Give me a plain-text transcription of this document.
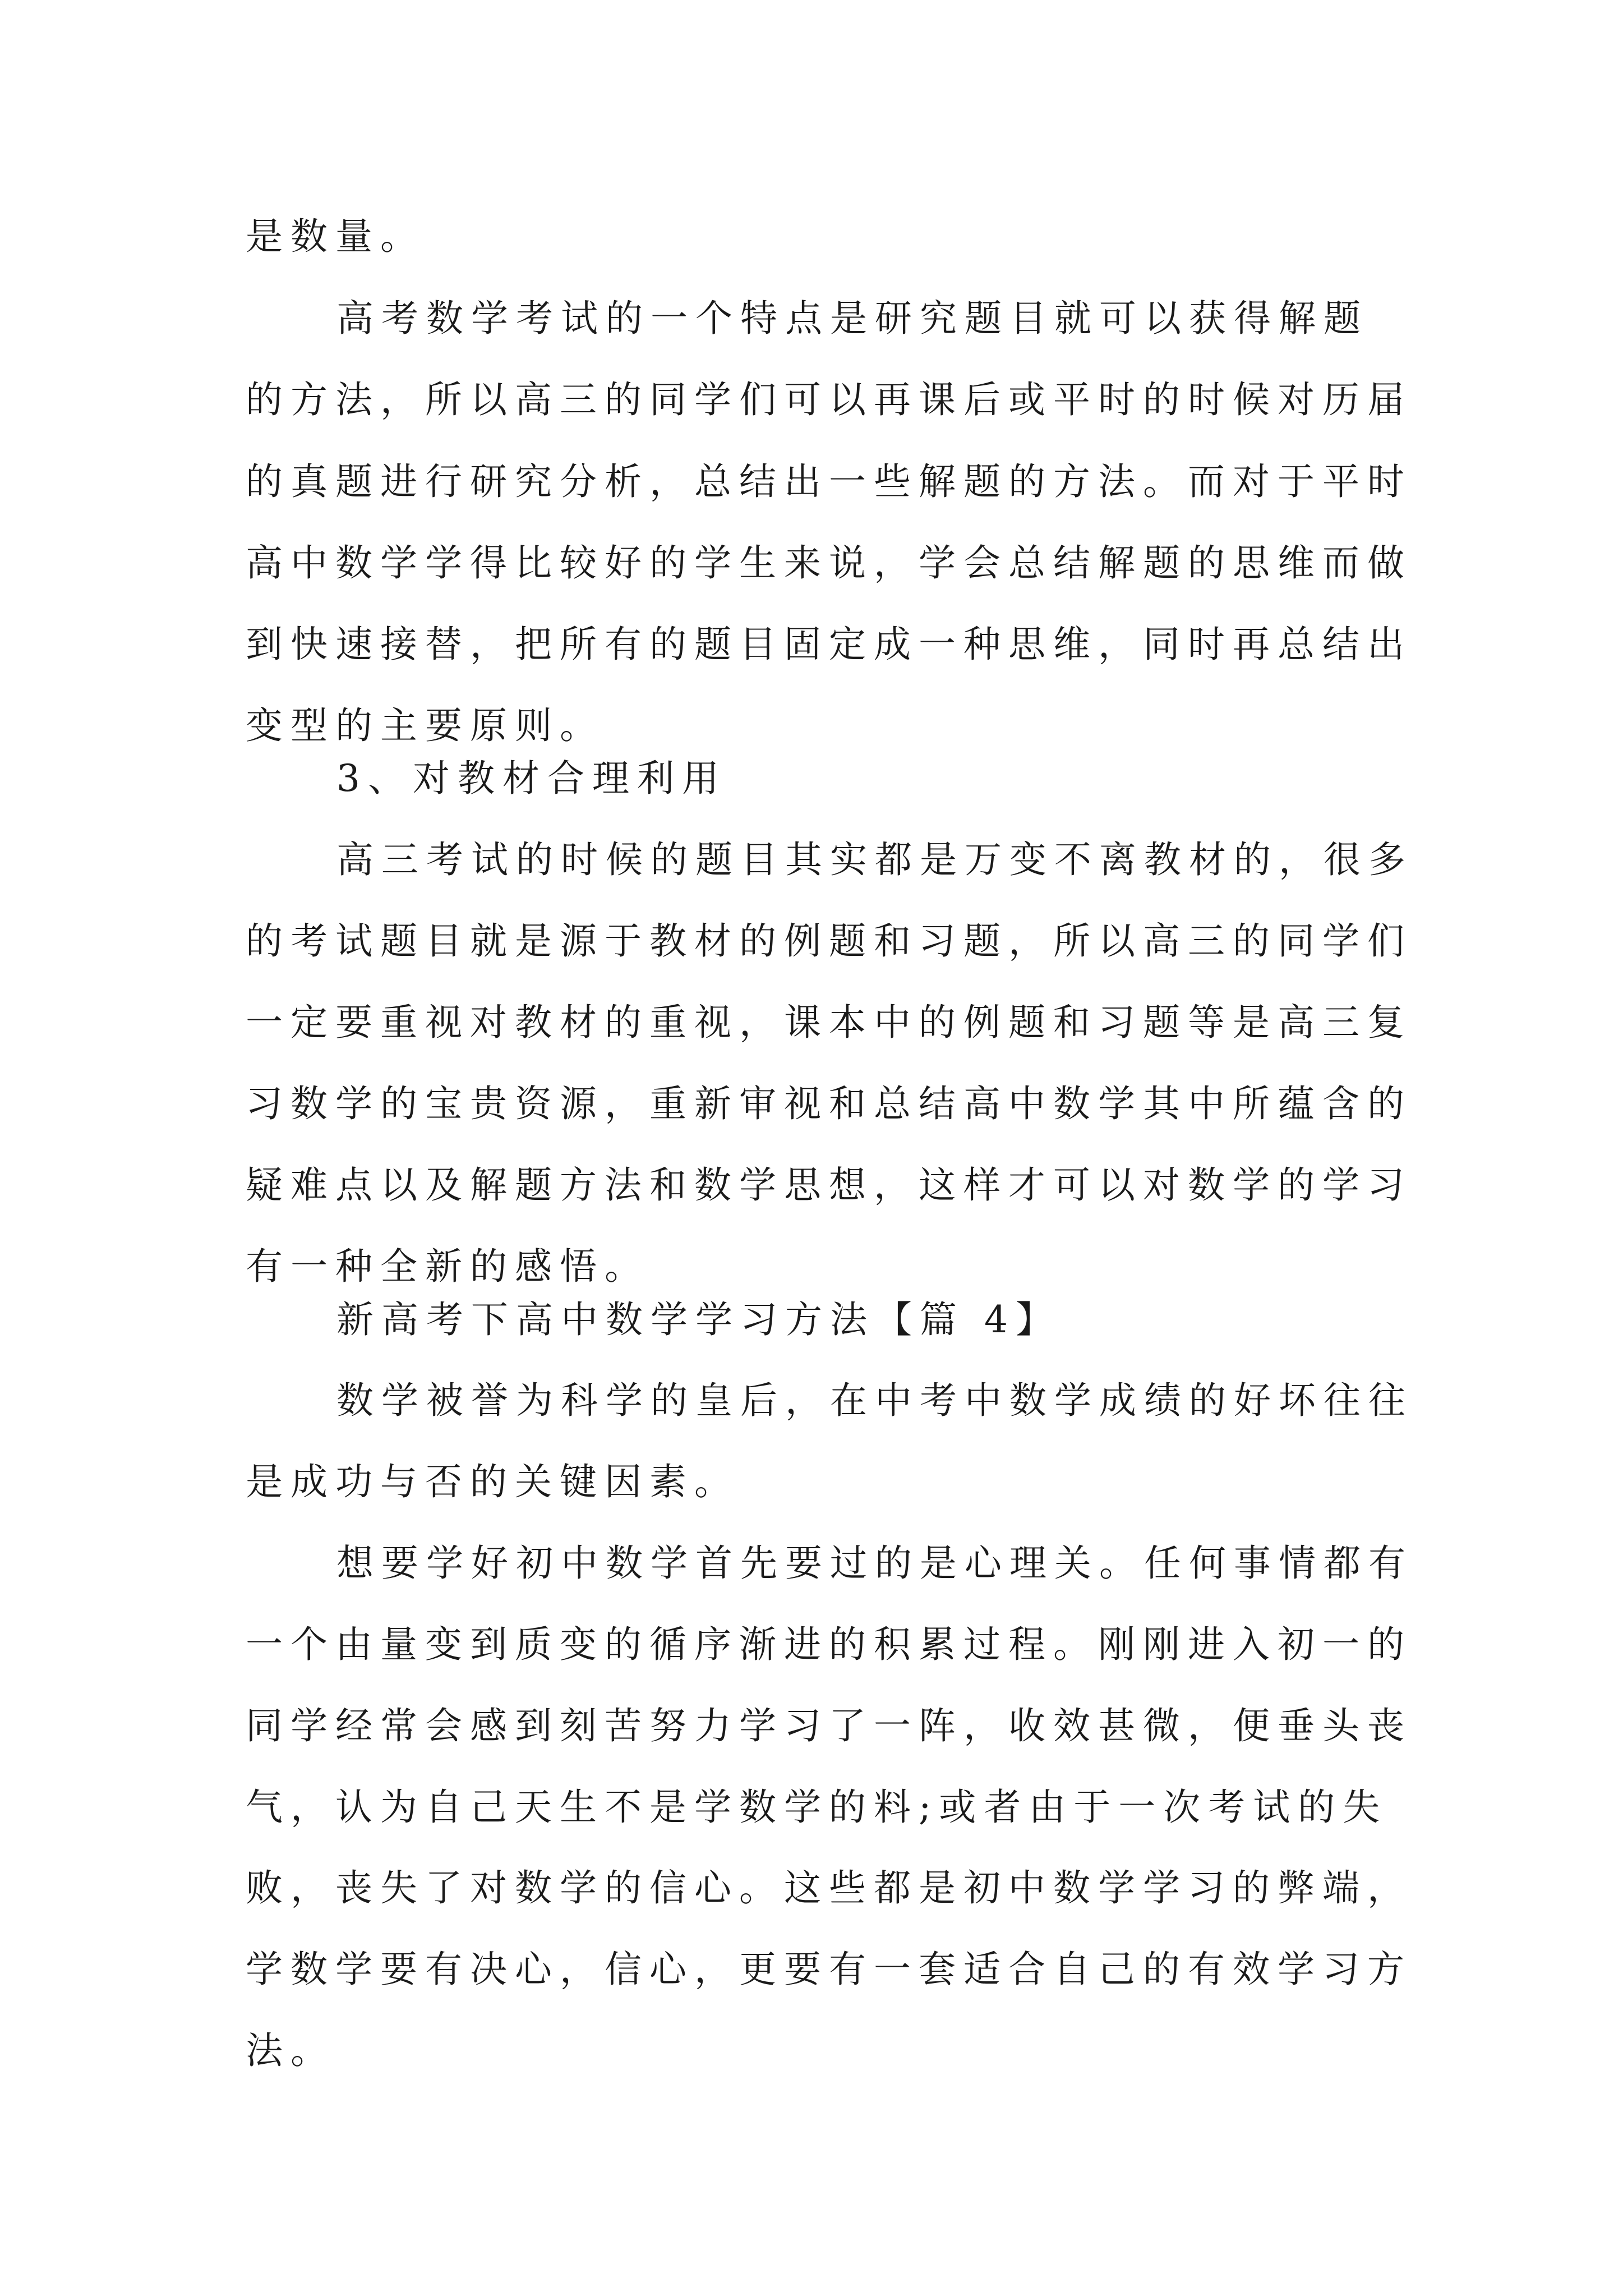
是数量。

高考数学考试的一个特点是研究题目就可以获得解题

的方法，所以高三的同学们可以再课后或平时的时候对历届

的真题进行研究分析，总结出一些解题的方法。而对于平时

高中数学学得比较好的学生来说，学会总结解题的思维而做

到快速接替，把所有的题目固定成一种思维，同时再总结出

变型的主要原则。

3、对教材合理利用

高三考试的时候的题目其实都是万变不离教材的，很多

的考试题目就是源于教材的例题和习题，所以高三的同学们

一定要重视对教材的重视，课本中的例题和习题等是高三复

习数学的宝贵资源，重新审视和总结高中数学其中所蕴含的

疑难点以及解题方法和数学思想，这样才可以对数学的学习

有一种全新的感悟。

新高考下高中数学学习方法【篇 4】

数学被誉为科学的皇后，在中考中数学成绩的好坏往往

是成功与否的关键因素。

想要学好初中数学首先要过的是心理关。任何事情都有

一个由量变到质变的循序渐进的积累过程。刚刚进入初一的

同学经常会感到刻苦努力学习了一阵，收效甚微，便垂头丧

气，认为自己天生不是学数学的料;或者由于一次考试的失

败，丧失了对数学的信心。这些都是初中数学学习的弊端，

学数学要有决心，信心，更要有一套适合自己的有效学习方

法。
